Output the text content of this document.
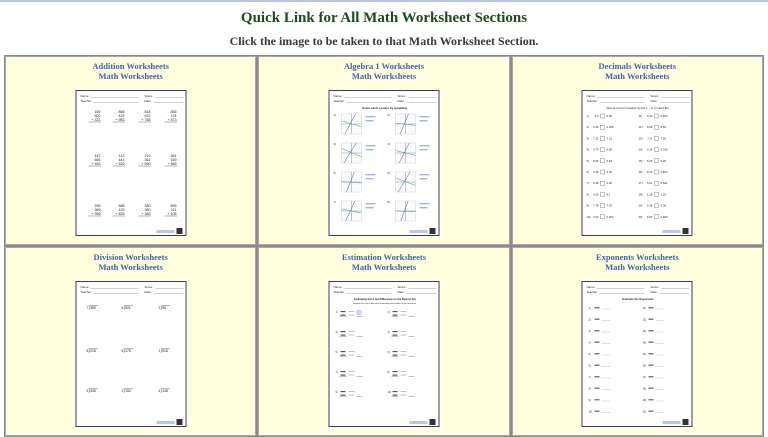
Quick Link for All Math Worksheet Sections
Click the image to be taken to that Math Worksheet Section.
Addition Worksheets
Math Worksheets
Name :	Score :
Teacher :	Date :
169
502
+ 321
868
415
+ 983
818
637
+ 768
855
724
+ 873
447
664
+ 463
142
441
+ 526
219
361
+ 590
361
169
+ 589
259
969
+ 356
888
125
+ 635
380
380
+ 365
895
741
+ 106
Algebra 1 Worksheets
Math Worksheets
Name :	Score :
Teacher :	Date :
Solve each system by graphing.
1)	2)
3)	4)
5)	6)
7)	8)
Decimals Worksheets
Math Worksheets
Name :	Score :
Teacher :	Date :
Write the Correct Comparison Symbol (<, > or =) in Each Box.
1) 2.4	0.35	11) 6.42	0.643
2) 4.36	0.456	12) 8.69	8.64
3) 7.21	7.21	13) 7.11	7.18
4) 4.73	6.69	14) 0.16	0.016
5) 8.66	6.81	15) 8.23	5.26
6) 4.39	4.32	16) 8.72	0.872
7) 2.36	2.26	17) 6.21	0.621
8) 6.20	8.1	18) 1.18	1.01
9) 7.78	7.78	19) 6.38	6.36
10) 3.52	0.252	20) 6.83	0.605
Division Worksheets
Math Worksheets
Name :	Score :
Teacher :	Date :
7 385	4 821	2 96
8 218	5 175	1 918
5 335	2 150	4 148
Estimation Worksheets
Math Worksheets
Name :	Score :
Teacher :	Date :
Estimating Sums and Differences to the Nearest Ten
Estimate the sum or difference by rounding each number to the nearest ten.
1)	2)
3)	4)
5)	6)
7)	8)
9)	10)
Exponents Worksheets
Math Worksheets
Name :	Score :
Teacher :	Date :
Evaluate the Exponents
1)	11)
2)	12)
3)	13)
4)	14)
5)	15)
6)	16)
7)	17)
8)	18)
9)	19)
10)	20)
